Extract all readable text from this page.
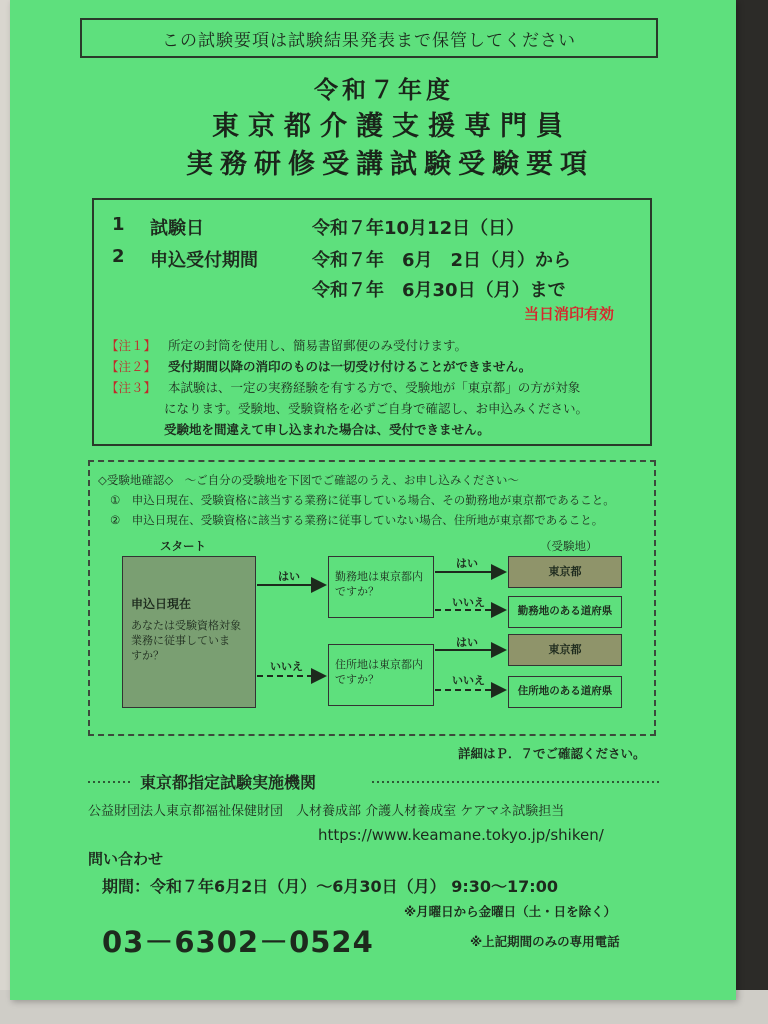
この試験要項は試験結果発表まで保管してください
令和７年度
東京都介護支援専門員
実務研修受講試験受験要項
1 試験日	令和７年10月12日（日）
2 申込受付期間	令和７年　6月　2日（月）から
令和７年　6月30日（月）まで
当日消印有効
【注１】 所定の封筒を使用し、簡易書留郵便のみ受付けます。
【注２】 受付期間以降の消印のものは一切受け付けることができません。
【注３】 本試験は、一定の実務経験を有する方で、受験地が「東京都」の方が対象
になります。受験地、受験資格を必ずご自身で確認し、お申込みください。
受験地を間違えて申し込まれた場合は、受付できません。
◇受験地確認◇　～ご自分の受験地を下図でご確認のうえ、お申し込みください～
①　申込日現在、受験資格に該当する業務に従事している場合、その勤務地が東京都であること。
②　申込日現在、受験資格に該当する業務に従事していない場合、住所地が東京都であること。
スタート	（受験地）
申込日現在
あなたは受験資格対象
業務に従事していま
すか？
勤務地は東京都内
ですか？
住所地は東京都内
ですか？
東京都
勤務地のある道府県
東京都
住所地のある道府県
はい
いいえ
はい
いいえ
はい
いいえ
詳細はＰ．７でご確認ください。
東京都指定試験実施機関
公益財団法人東京都福祉保健財団　人材養成部 介護人材養成室 ケアマネ試験担当
https://www.keamane.tokyo.jp/shiken/
問い合わせ
期間：令和７年6月2日（月）～6月30日（月） 9:30～17:00
※月曜日から金曜日（土・日を除く）
03－6302－0524	※上記期間のみの専用電話
